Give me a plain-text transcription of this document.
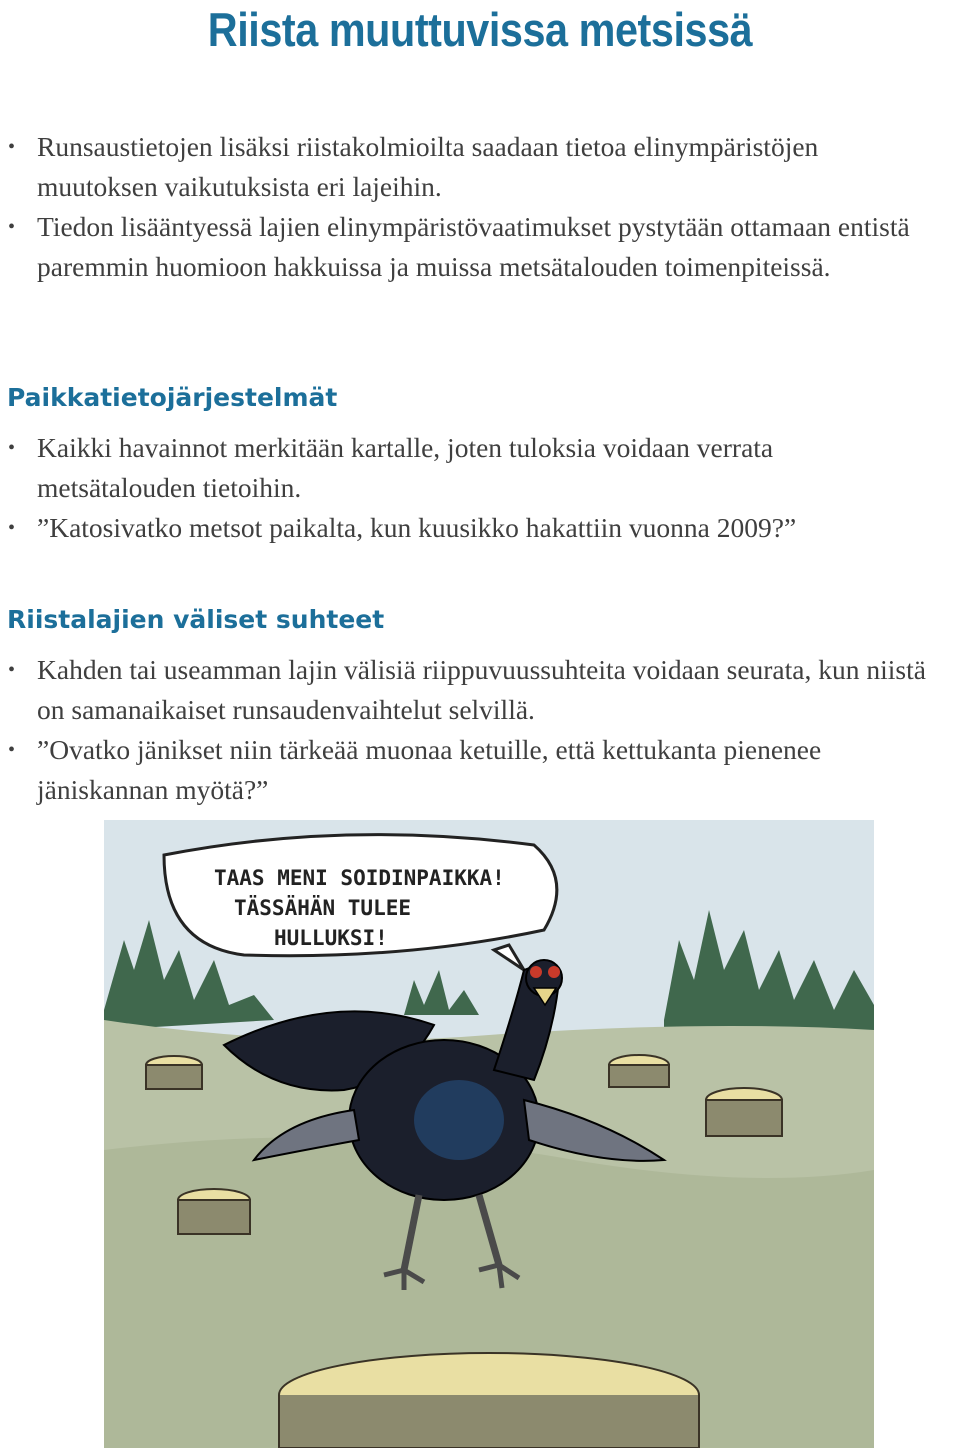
Riista muuttuvissa metsissä
• Runsaustietojen lisäksi riistakolmioilta saadaan tietoa elinympäristöjen muutoksen vaikutuksista eri lajeihin.
• Tiedon lisääntyessä lajien elinympäristövaatimukset pystytään ottamaan entistä paremmin huomioon hakkuissa ja muissa metsätalouden toimenpiteissä.
Paikkatietojärjestelmät
• Kaikki havainnot merkitään kartalle, joten tuloksia voidaan verrata metsätalouden tietoihin.
• ”Katosivatko metsot paikalta, kun kuusikko hakattiin vuonna 2009?”
Riistalajien väliset suhteet
• Kahden tai useamman lajin välisiä riippuvuussuhteita voidaan seurata, kun niistä on samanaikaiset runsaudenvaihtelut selvillä.
• ”Ovatko jänikset niin tärkeää muonaa ketuille, että kettukanta pienenee jäniskannan myötä?”
TAAS MENI SOIDINPAIKKA!
TÄSSÄHÄN TULEE
HULLUKSI!
